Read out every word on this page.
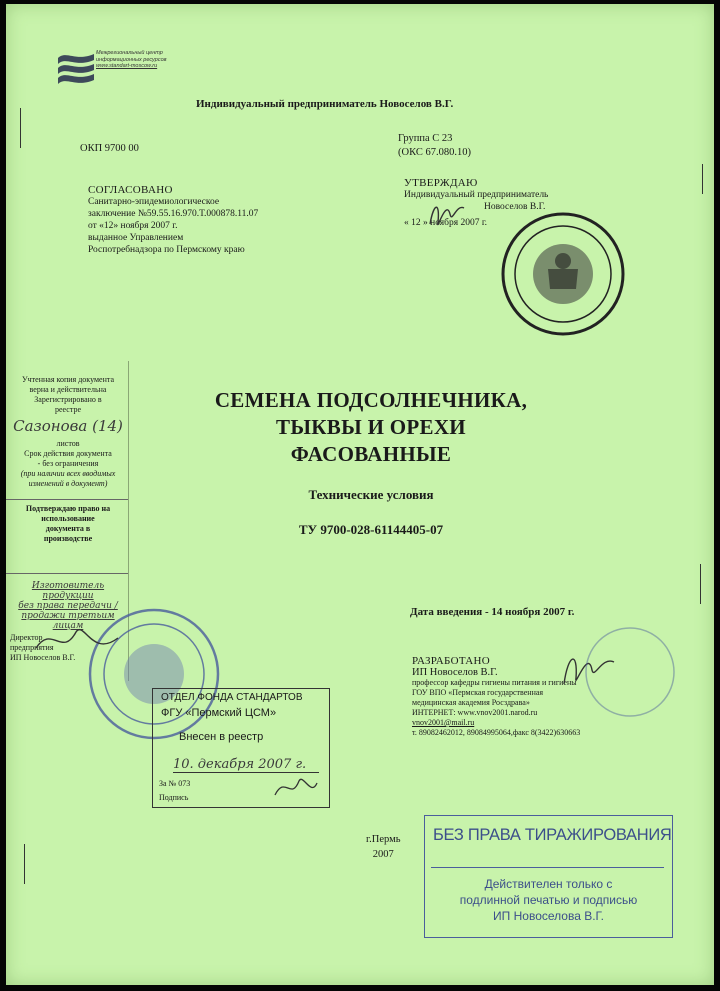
Межрегиональный центр
информационных ресурсов
www.standart-moscow.ru
Индивидуальный предприниматель Новоселов В.Г.
ОКП 9700 00
Группа С 23
(ОКС 67.080.10)
СОГЛАСОВАНО
Санитарно-эпидемиологическое
заключение №59.55.16.970.Т.000878.11.07
от «12» ноября 2007 г.
выданное Управлением
Роспотребнадзора по Пермскому краю
УТВЕРЖДАЮ
Индивидуальный предприниматель
Новоселов В.Г.
« 12 » ноября 2007 г.
Учтенная копия документа
верна и действительна
Зарегистрировано в
реестре
Сазонова (14)
листов
Срок действия документа
- без ограничения
(при наличии всех вводимых
изменений в документ)
Подтверждаю право на
использование
документа в
производстве
Изготовитель продукции
без права передачи /
продажи третьим
лицам
Директор
предприятия
ИП Новоселов В.Г.
СЕМЕНА ПОДСОЛНЕЧНИКА,
ТЫКВЫ И ОРЕХИ
ФАСОВАННЫЕ
Технические условия
ТУ 9700-028-61144405-07
Дата введения - 14 ноября 2007 г.
РАЗРАБОТАНО
ИП Новоселов В.Г.
профессор кафедры гигиены питания и гигиены
ГОУ ВПО «Пермская государственная
медицинская академия Росздрава»
ИНТЕРНЕТ: www.vnov2001.narod.ru
vnov2001@mail.ru
т. 89082462012, 89084995064,факс 8(3422)630663
ОТДЕЛ ФОНДА СТАНДАРТОВ
ФГУ «Пермский ЦСМ»
Внесен в реестр
10. декабря 2007 г.
За № 073
Подпись
г.Пермь
2007
БЕЗ ПРАВА ТИРАЖИРОВАНИЯ
Действителен только с
подлинной печатью и подписью
ИП Новоселова В.Г.
